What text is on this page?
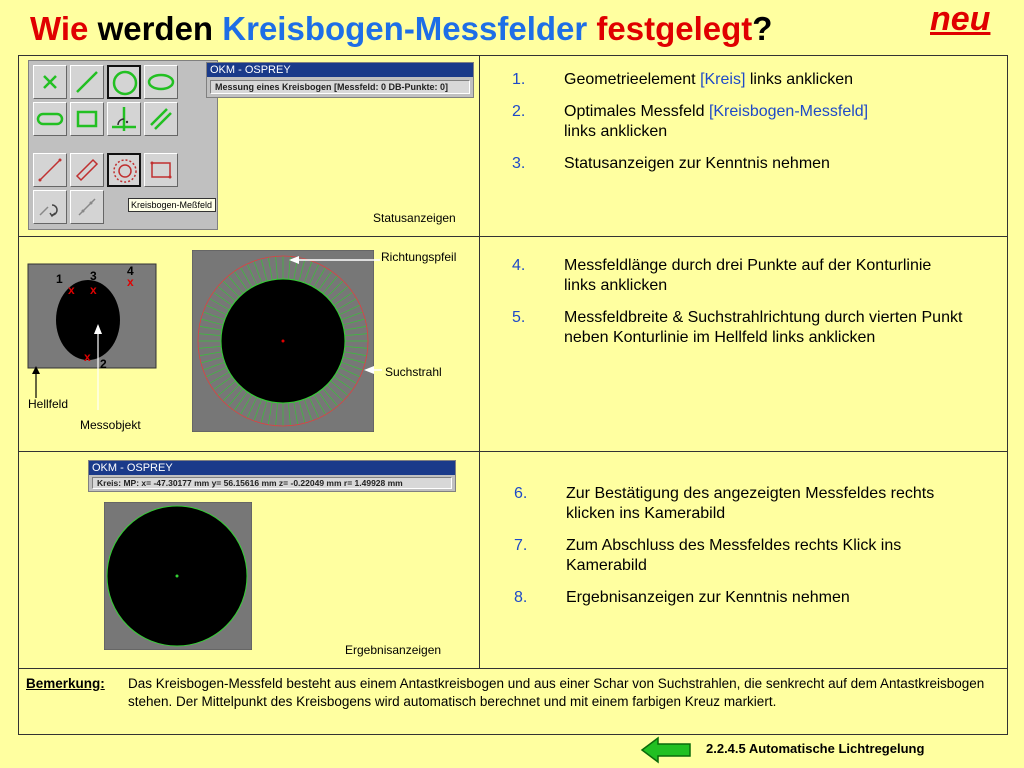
Wie werden Kreisbogen-Messfelder festgelegt?	neu
Kreisbogen-Meßfeld
OKM - OSPREY
Messung eines Kreisbogen [Messfeld: 0 DB-Punkte: 0]
Statusanzeigen
1. Geometrieelement [Kreis] links anklicken
2. Optimales Messfeld [Kreisbogen-Messfeld]
links anklicken
3. Statusanzeigen zur Kenntnis nehmen
1
x
3
x
4
x
x 2
Hellfeld
Messobjekt
Richtungspfeil
Suchstrahl
4. Messfeldlänge durch drei Punkte auf der Konturlinie links anklicken
5. Messfeldbreite & Suchstrahlrichtung durch vierten Punkt neben Konturlinie im Hellfeld links anklicken
OKM - OSPREY
Kreis: MP: x= -47.30177 mm y= 56.15616 mm z= -0.22049 mm r= 1.49928 mm
Ergebnisanzeigen
6. Zur Bestätigung des angezeigten Messfeldes rechts klicken ins Kamerabild
7. Zum Abschluss des Messfeldes rechts Klick ins Kamerabild
8. Ergebnisanzeigen zur Kenntnis nehmen
Bemerkung: Das Kreisbogen-Messfeld besteht aus einem Antastkreisbogen und aus einer Schar von Suchstrahlen, die senkrecht auf dem Antastkreisbogen stehen. Der Mittelpunkt des Kreisbogens wird automatisch berechnet und mit einem farbigen Kreuz markiert.
2.2.4.5 Automatische Lichtregelung
